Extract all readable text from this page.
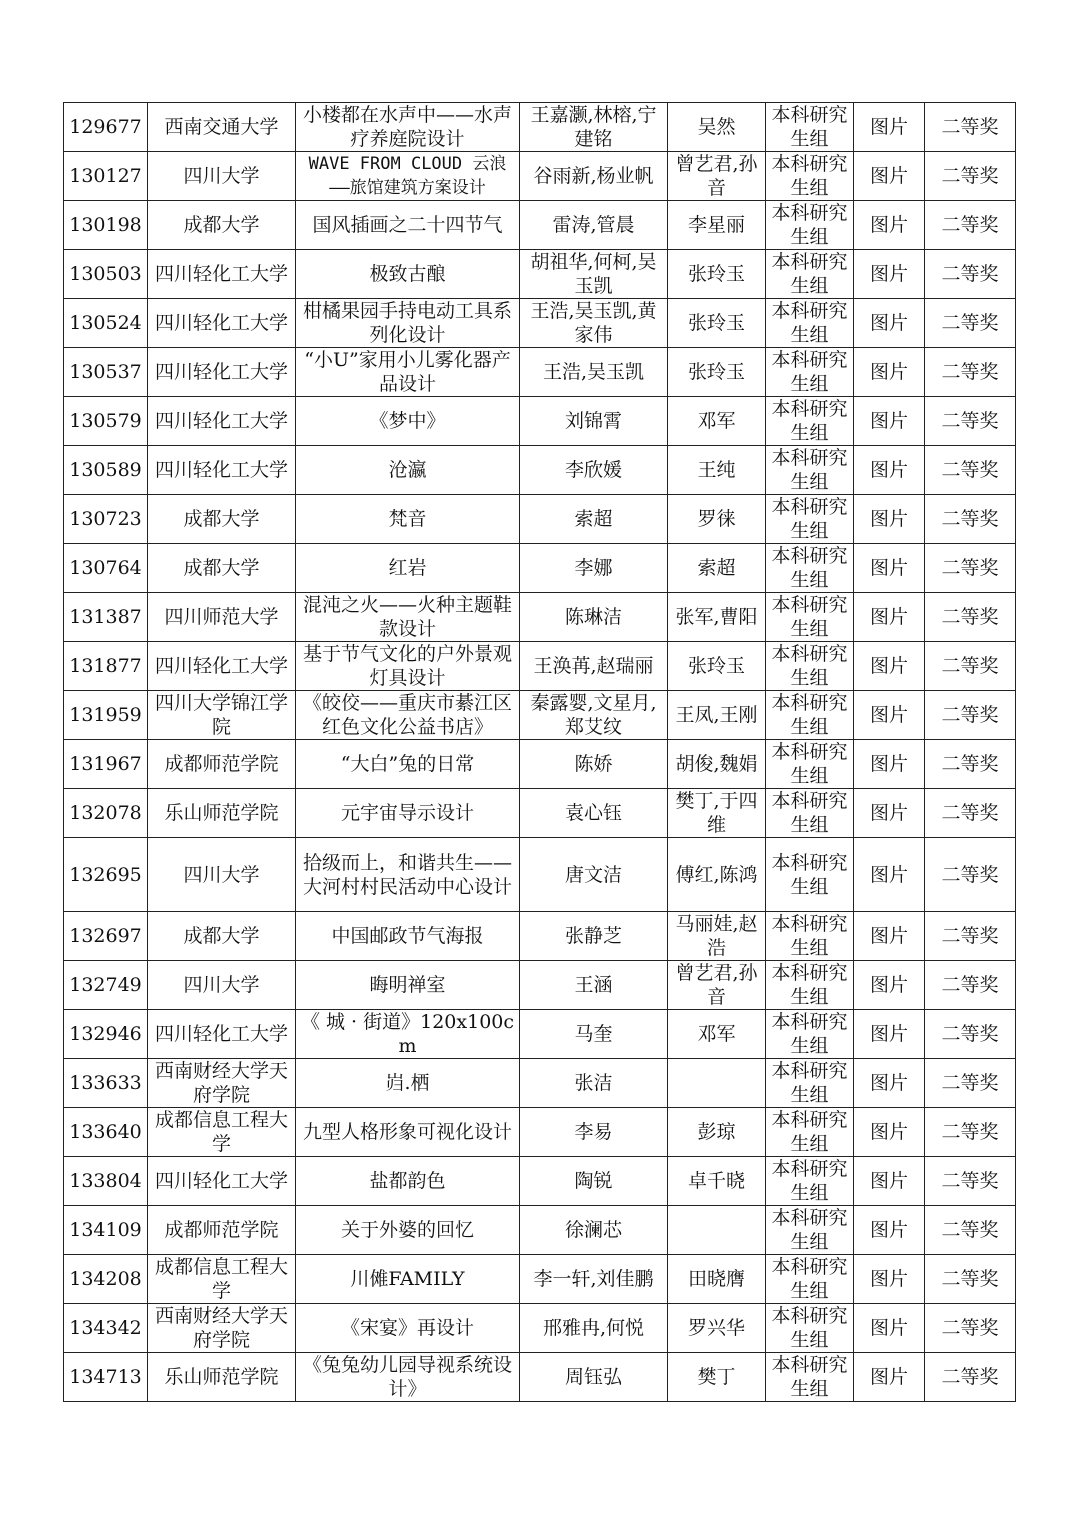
129677	西南交通大学	小楼都在水声中——水声疗养庭院设计	王嘉灏,林榕,宁建铭	吴然	本科研究生组	图片	二等奖
130127	四川大学	WAVE FROM CLOUD 云浪——旅馆建筑方案设计	谷雨新,杨业帆	曾艺君,孙音	本科研究生组	图片	二等奖
130198	成都大学	国风插画之二十四节气	雷涛,管晨	李星丽	本科研究生组	图片	二等奖
130503	四川轻化工大学	极致古酿	胡祖华,何柯,吴玉凯	张玲玉	本科研究生组	图片	二等奖
130524	四川轻化工大学	柑橘果园手持电动工具系列化设计	王浩,吴玉凯,黄家伟	张玲玉	本科研究生组	图片	二等奖
130537	四川轻化工大学	“小U”家用小儿雾化器产品设计	王浩,吴玉凯	张玲玉	本科研究生组	图片	二等奖
130579	四川轻化工大学	《梦中》	刘锦霄	邓军	本科研究生组	图片	二等奖
130589	四川轻化工大学	沧瀛	李欣媛	王纯	本科研究生组	图片	二等奖
130723	成都大学	梵音	索超	罗徕	本科研究生组	图片	二等奖
130764	成都大学	红岩	李娜	索超	本科研究生组	图片	二等奖
131387	四川师范大学	混沌之火——火种主题鞋款设计	陈琳洁	张军,曹阳	本科研究生组	图片	二等奖
131877	四川轻化工大学	基于节气文化的户外景观灯具设计	王涣苒,赵瑞丽	张玲玉	本科研究生组	图片	二等奖
131959	四川大学锦江学院	《皎佼——重庆市綦江区红色文化公益书店》	秦露婴,文星月,郑艾纹	王凤,王刚	本科研究生组	图片	二等奖
131967	成都师范学院	“大白”兔的日常	陈娇	胡俊,魏娟	本科研究生组	图片	二等奖
132078	乐山师范学院	元宇宙导示设计	袁心钰	樊丁,于四维	本科研究生组	图片	二等奖
132695	四川大学	拾级而上，和谐共生——大河村村民活动中心设计	唐文洁	傅红,陈鸿	本科研究生组	图片	二等奖
132697	成都大学	中国邮政节气海报	张静芝	马丽娃,赵浩	本科研究生组	图片	二等奖
132749	四川大学	晦明禅室	王涵	曾艺君,孙音	本科研究生组	图片	二等奖
132946	四川轻化工大学	《 城 · 街道》120x100cm	马奎	邓军	本科研究生组	图片	二等奖
133633	西南财经大学天府学院	岿.栖	张洁		本科研究生组	图片	二等奖
133640	成都信息工程大学	九型人格形象可视化设计	李易	彭琼	本科研究生组	图片	二等奖
133804	四川轻化工大学	盐都韵色	陶锐	卓千晓	本科研究生组	图片	二等奖
134109	成都师范学院	关于外婆的回忆	徐澜芯		本科研究生组	图片	二等奖
134208	成都信息工程大学	川傩FAMILY	李一轩,刘佳鹏	田晓膺	本科研究生组	图片	二等奖
134342	西南财经大学天府学院	《宋宴》再设计	邢雅冉,何悦	罗兴华	本科研究生组	图片	二等奖
134713	乐山师范学院	《兔兔幼儿园导视系统设计》	周钰弘	樊丁	本科研究生组	图片	二等奖
